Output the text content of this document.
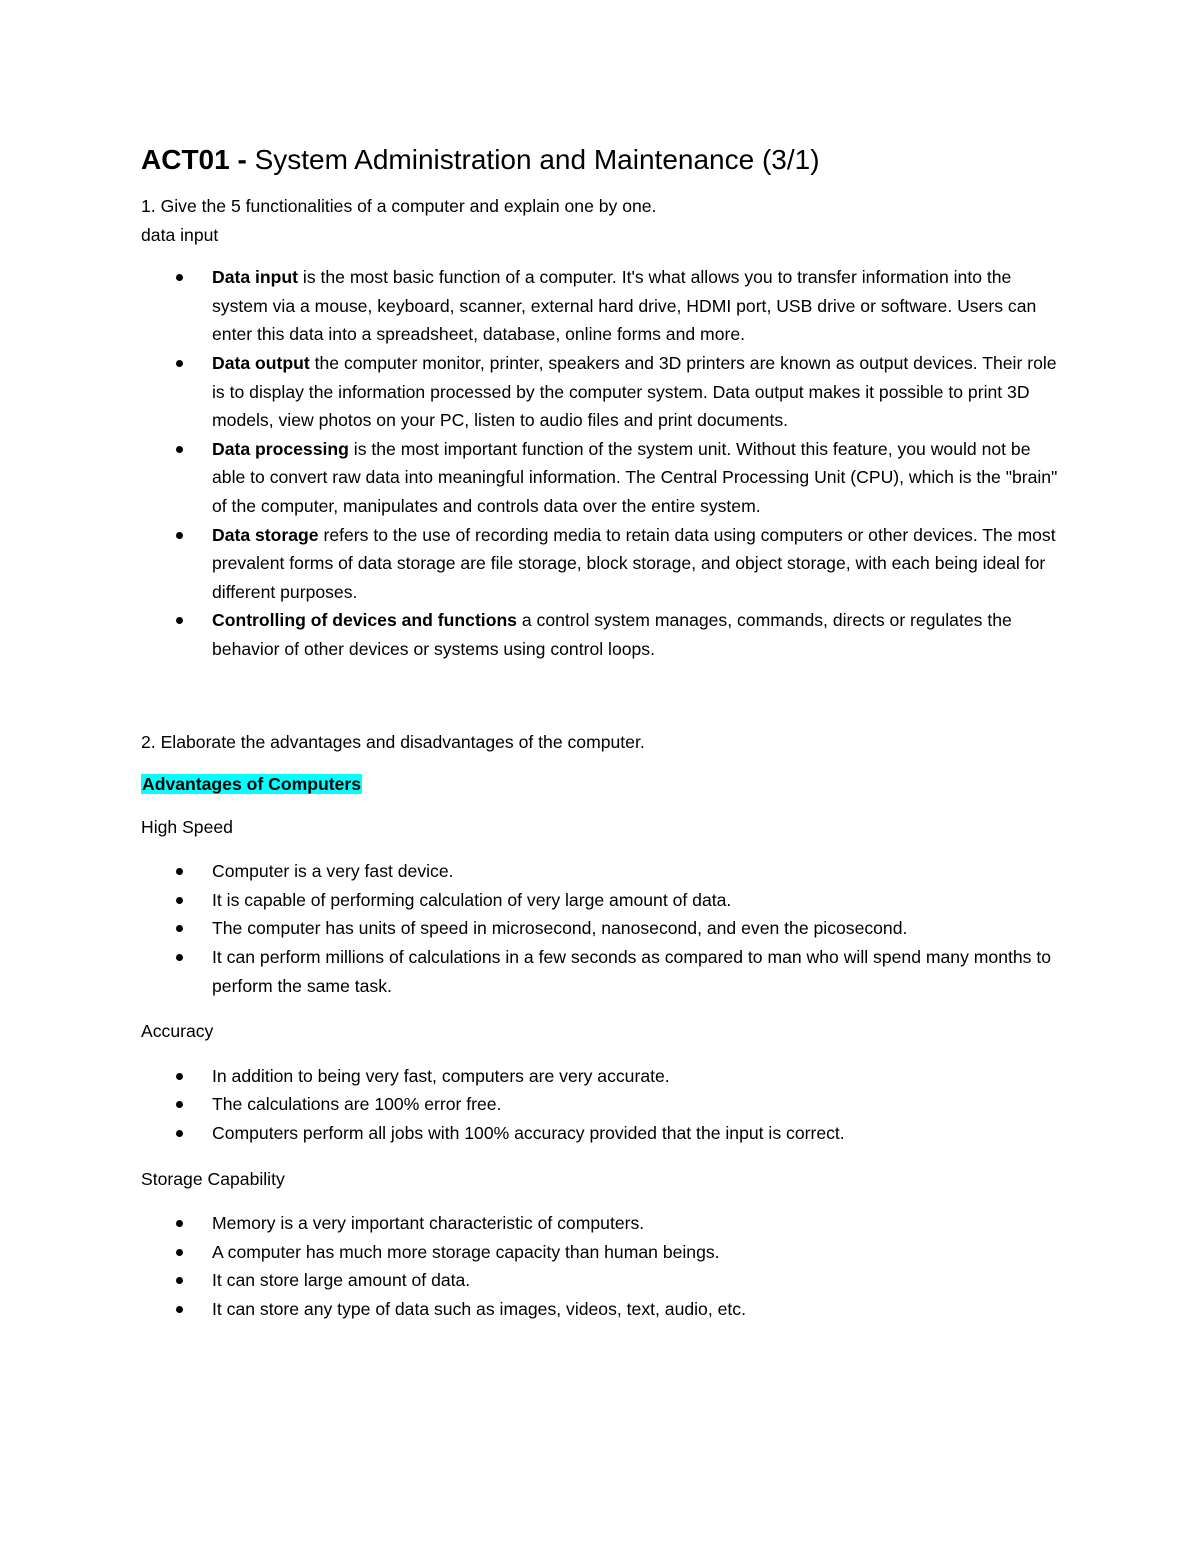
ACT01 - System Administration and Maintenance (3/1)

1. Give the 5 functionalities of a computer and explain one by one.

data input

Data input is the most basic function of a computer. It's what allows you to transfer information into the system via a mouse, keyboard, scanner, external hard drive, HDMI port, USB drive or software. Users can enter this data into a spreadsheet, database, online forms and more.
Data output the computer monitor, printer, speakers and 3D printers are known as output devices. Their role is to display the information processed by the computer system. Data output makes it possible to print 3D models, view photos on your PC, listen to audio files and print documents.
Data processing is the most important function of the system unit. Without this feature, you would not be able to convert raw data into meaningful information. The Central Processing Unit (CPU), which is the "brain" of the computer, manipulates and controls data over the entire system.
Data storage refers to the use of recording media to retain data using computers or other devices. The most prevalent forms of data storage are file storage, block storage, and object storage, with each being ideal for different purposes.
Controlling of devices and functions a control system manages, commands, directs or regulates the behavior of other devices or systems using control loops.

2. Elaborate the advantages and disadvantages of the computer.

Advantages of Computers

High Speed

Computer is a very fast device.
It is capable of performing calculation of very large amount of data.
The computer has units of speed in microsecond, nanosecond, and even the picosecond.
It can perform millions of calculations in a few seconds as compared to man who will spend many months to perform the same task.

Accuracy

In addition to being very fast, computers are very accurate.
The calculations are 100% error free.
Computers perform all jobs with 100% accuracy provided that the input is correct.

Storage Capability

Memory is a very important characteristic of computers.
A computer has much more storage capacity than human beings.
It can store large amount of data.
It can store any type of data such as images, videos, text, audio, etc.
